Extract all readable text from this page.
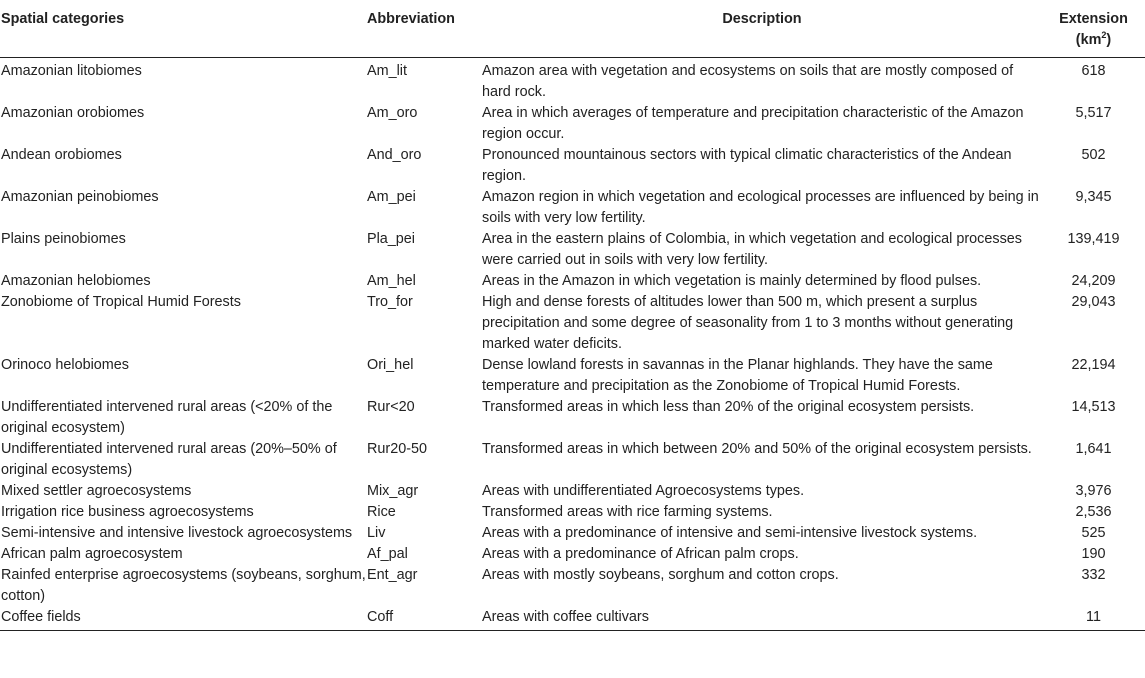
Spatial categories	Abbreviation	Description	Extension
$(km^2)$
Amazonian litobiomes	Am_lit	Amazon area with vegetation and ecosystems on soils that are mostly composed of hard rock.	618
Amazonian orobiomes	Am_oro	Area in which averages of temperature and precipitation characteristic of the Amazon region occur.	5,517
Andean orobiomes	And_oro	Pronounced mountainous sectors with typical climatic characteristics of the Andean region.	502
Amazonian peinobiomes	Am_pei	Amazon region in which vegetation and ecological processes are influenced by being in soils with very low fertility.	9,345
Plains peinobiomes	Pla_pei	Area in the eastern plains of Colombia, in which vegetation and ecological processes were carried out in soils with very low fertility.	139,419
Amazonian helobiomes	Am_hel	Areas in the Amazon in which vegetation is mainly determined by flood pulses.	24,209
Zonobiome of Tropical Humid Forests	Tro_for	High and dense forests of altitudes lower than 500 m, which present a surplus precipitation and some degree of seasonality from 1 to 3 months without generating marked water deficits.	29,043
Orinoco helobiomes	Ori_hel	Dense lowland forests in savannas in the Planar highlands. They have the same temperature and precipitation as the Zonobiome of Tropical Humid Forests.	22,194
Undifferentiated intervened rural areas (<20% of the original ecosystem)	Rur<20	Transformed areas in which less than 20% of the original ecosystem persists.	14,513
Undifferentiated intervened rural areas (20%–50% of original ecosystems)	Rur20-50	Transformed areas in which between 20% and 50% of the original ecosystem persists.	1,641
Mixed settler agroecosystems	Mix_agr	Areas with undifferentiated Agroecosystems types.	3,976
Irrigation rice business agroecosystems	Rice	Transformed areas with rice farming systems.	2,536
Semi-intensive and intensive livestock agroecosystems	Liv	Areas with a predominance of intensive and semi-intensive livestock systems.	525
African palm agroecosystem	Af_pal	Areas with a predominance of African palm crops.	190
Rainfed enterprise agroecosystems (soybeans, sorghum, cotton)	Ent_agr	Areas with mostly soybeans, sorghum and cotton crops.	332
Coffee fields	Coff	Areas with coffee cultivars	11
